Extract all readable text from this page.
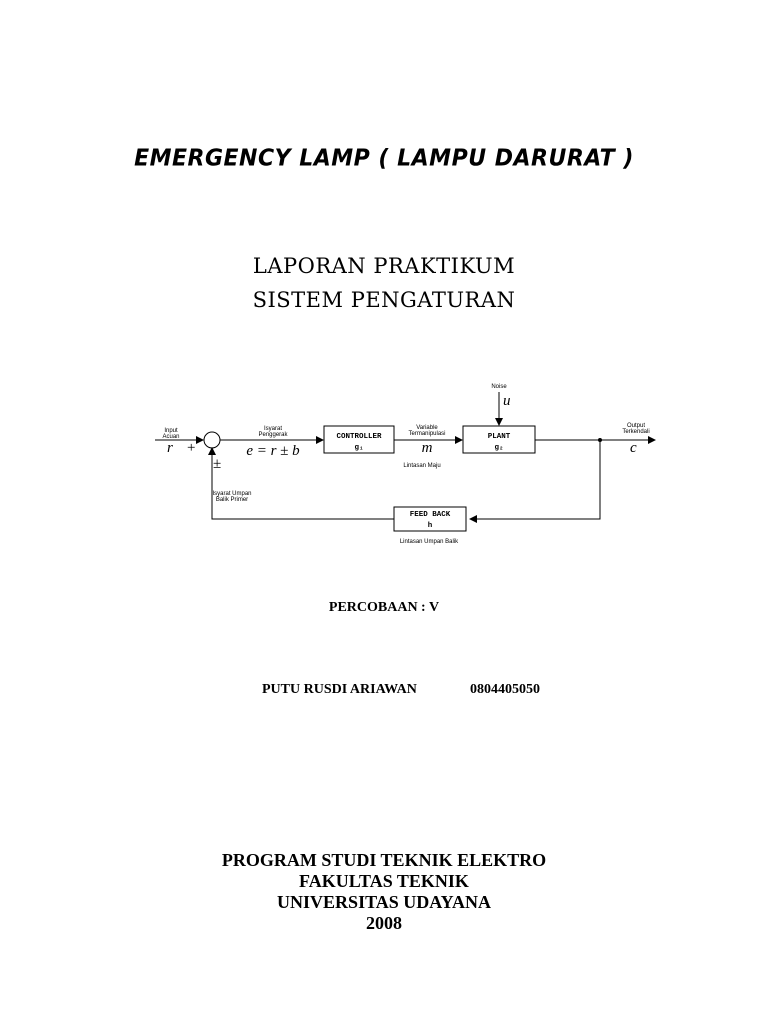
EMERGENCY LAMP ( LAMPU DARURAT )
LAPORAN PRAKTIKUM
SISTEM PENGATURAN
CONTROLLER
g₁
PLANT
g₂
Noise
u
FEED BACK
h
Input
Acuan
r +
±
Isyarat
Penggerak
e = r ± b
Variable
Termanipulasi
m
Lintasan Maju
Output
Terkendali
c
Isyarat Umpan
Balik Primer
Lintasan Umpan Balik
PERCOBAAN : V
PUTU RUSDI ARIAWAN	0804405050
PROGRAM STUDI TEKNIK ELEKTRO
FAKULTAS TEKNIK
UNIVERSITAS UDAYANA
2008
